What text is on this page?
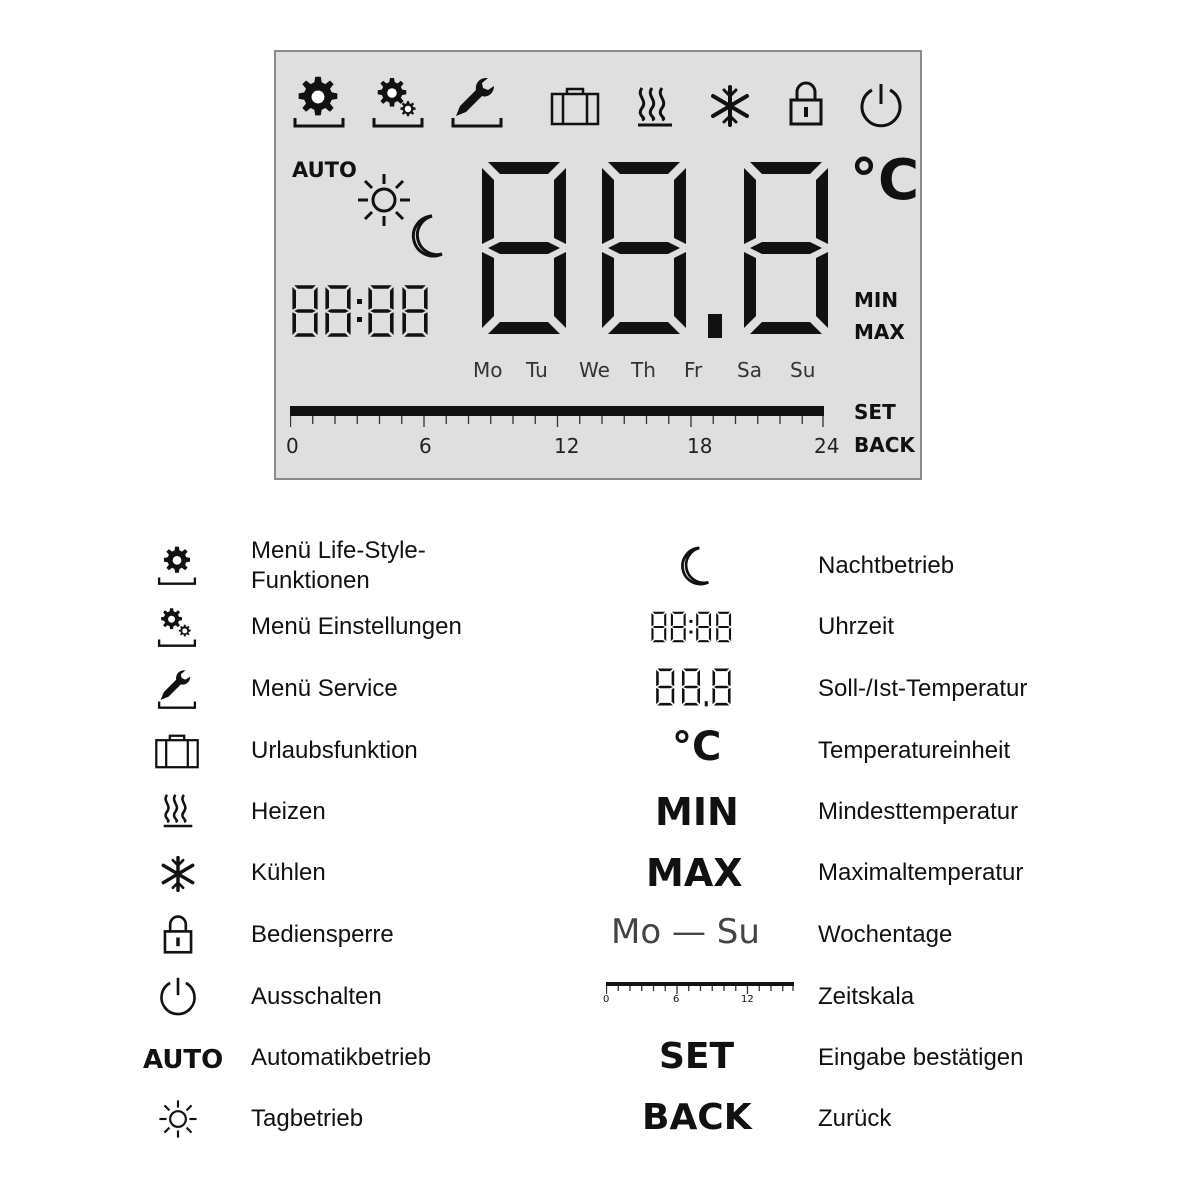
AUTO	°C
MIN
MAX
Mo Tu We Th Fr Sa Su
0	6	12	18	24
SET
BACK
Menü Life-Style-
Funktionen
Menü Einstellungen
Menü Service
Urlaubsfunktion
Heizen
Kühlen
Bediensperre
Ausschalten
AUTO Automatikbetrieb
Tagbetrieb
Nachtbetrieb
Uhrzeit
Soll-/Ist-Temperatur
°C	Temperatureinheit
MIN	Mindesttemperatur
MAX	Maximaltemperatur
Mo — Su Wochentage
0	6	12	Zeitskala
SET	Eingabe bestätigen
BACK	Zurück
